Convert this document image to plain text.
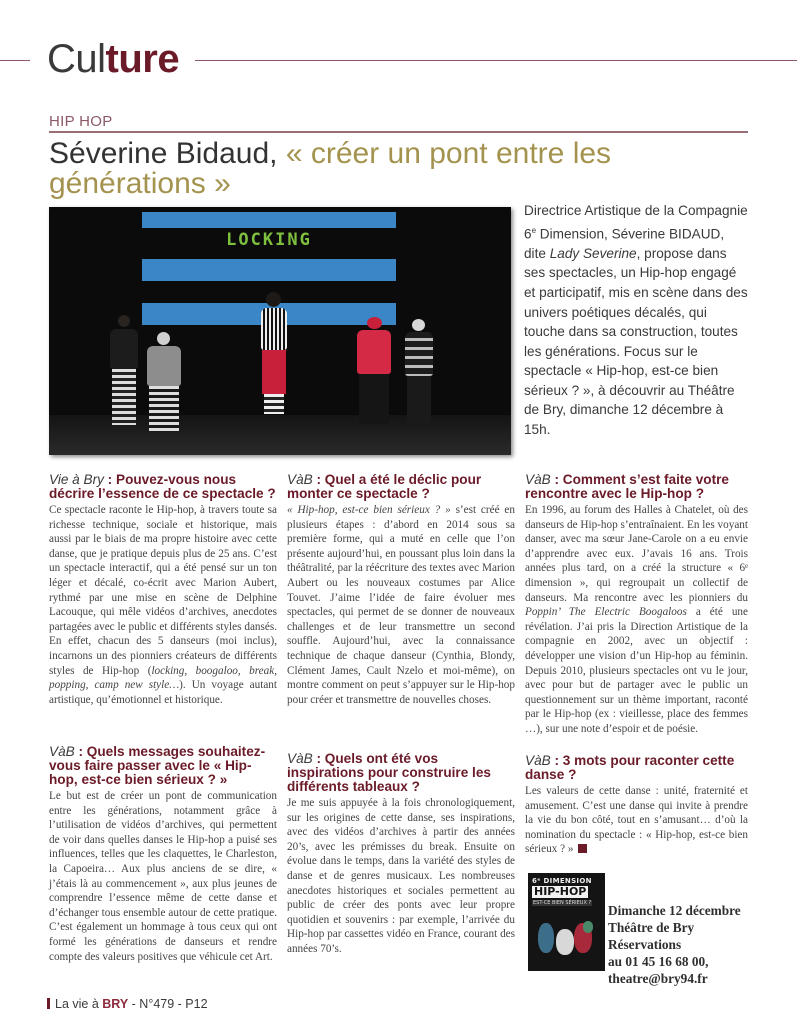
Culture
HIP HOP
Séverine Bidaud, « créer un pont entre les générations »
LOCKING
Directrice Artistique de la Compagnie 6e Dimension, Séverine BIDAUD, dite Lady Severine, propose dans ses spectacles, un Hip-hop engagé et participatif, mis en scène dans des univers poétiques décalés, qui touche dans sa construction, toutes les générations. Focus sur le spectacle « Hip-hop, est-ce bien sérieux ? », à découvrir au Théâtre de Bry, dimanche 12 décembre à 15h.

Vie à Bry : Pouvez-vous nous décrire l’essence de ce spectacle ?

Ce spectacle raconte le Hip-hop, à travers toute sa richesse technique, sociale et historique, mais aussi par le biais de ma propre histoire avec cette danse, que je pratique depuis plus de 25 ans. C’est un spectacle interactif, qui a été pensé sur un ton léger et décalé, co-écrit avec Marion Aubert, rythmé par une mise en scène de Delphine Lacouque, qui mêle vidéos d’archives, anecdotes partagées avec le public et différents styles dansés. En effet, chacun des 5 danseurs (moi inclus), incarnons un des pionniers créateurs de différents styles de Hip-hop (locking, boogaloo, break, popping, camp new style…). Un voyage autant artistique, qu’émotionnel et historique.

VàB : Quels messages souhaitez-vous faire passer avec le « Hip-hop, est-ce bien sérieux ? »

Le but est de créer un pont de communication entre les générations, notamment grâce à l’utilisation de vidéos d’archives, qui permettent de voir dans quelles danses le Hip-hop a puisé ses influences, telles que les claquettes, le Charleston, la Capoeira… Aux plus anciens de se dire, « j’étais là au commencement », aux plus jeunes de comprendre l’essence même de cette danse et d’échanger tous ensemble autour de cette pratique. C’est également un hommage à tous ceux qui ont formé les générations de danseurs et rendre compte des valeurs positives que véhicule cet Art.

VàB : Quel a été le déclic pour monter ce spectacle ?

« Hip-hop, est-ce bien sérieux ? » s’est créé en plusieurs étapes : d’abord en 2014 sous sa première forme, qui a muté en celle que l’on présente aujourd’hui, en poussant plus loin dans la théâtralité, par la réécriture des textes avec Marion Aubert ou les nouveaux costumes par Alice Touvet. J’aime l’idée de faire évoluer mes spectacles, qui permet de se donner de nouveaux challenges et de leur transmettre un second souffle. Aujourd’hui, avec la connaissance technique de chaque danseur (Cynthia, Blondy, Clément James, Cault Nzelo et moi-même), on montre comment on peut s’appuyer sur le Hip-hop pour créer et transmettre de nouvelles choses.

VàB : Quels ont été vos inspirations pour construire les différents tableaux ?

Je me suis appuyée à la fois chronologiquement, sur les origines de cette danse, ses inspirations, avec des vidéos d’archives à partir des années 20’s, avec les prémisses du break. Ensuite on évolue dans le temps, dans la variété des styles de danse et de genres musicaux. Les nombreuses anecdotes historiques et sociales permettent au public de créer des ponts avec leur propre quotidien et souvenirs : par exemple, l’arrivée du Hip-hop par cassettes vidéo en France, courant des années 70’s.

VàB : Comment s’est faite votre rencontre avec le Hip-hop ?

En 1996, au forum des Halles à Chatelet, où des danseurs de Hip-hop s’entraînaient. En les voyant danser, avec ma sœur Jane-Carole on a eu envie d’apprendre avec eux. J’avais 16 ans. Trois années plus tard, on a créé la structure « 6ᵉ dimension », qui regroupait un collectif de danseurs. Ma rencontre avec les pionniers du Poppin’ The Electric Boogaloos a été une révélation. J’ai pris la Direction Artistique de la compagnie en 2002, avec un objectif : développer une vision d’un Hip-hop au féminin. Depuis 2010, plusieurs spectacles ont vu le jour, avec pour but de partager avec le public un questionnement sur un thème important, raconté par le Hip-hop (ex : vieillesse, place des femmes …), sur une note d’espoir et de poésie.

VàB : 3 mots pour raconter cette danse ?

Les valeurs de cette danse : unité, fraternité et amusement. C’est une danse qui invite à prendre la vie du bon côté, tout en s’amusant… d’où la nomination du spectacle : « Hip-hop, est-ce bien sérieux ? »

6ᵉ DIMENSION
HIP-HOP
EST-CE BIEN SÉRIEUX ? Dimanche 12 décembre
Théâtre de Bry
Réservations
au 01 45 16 68 00,
theatre@bry94.fr
La vie à BRY - N°479 - P12
